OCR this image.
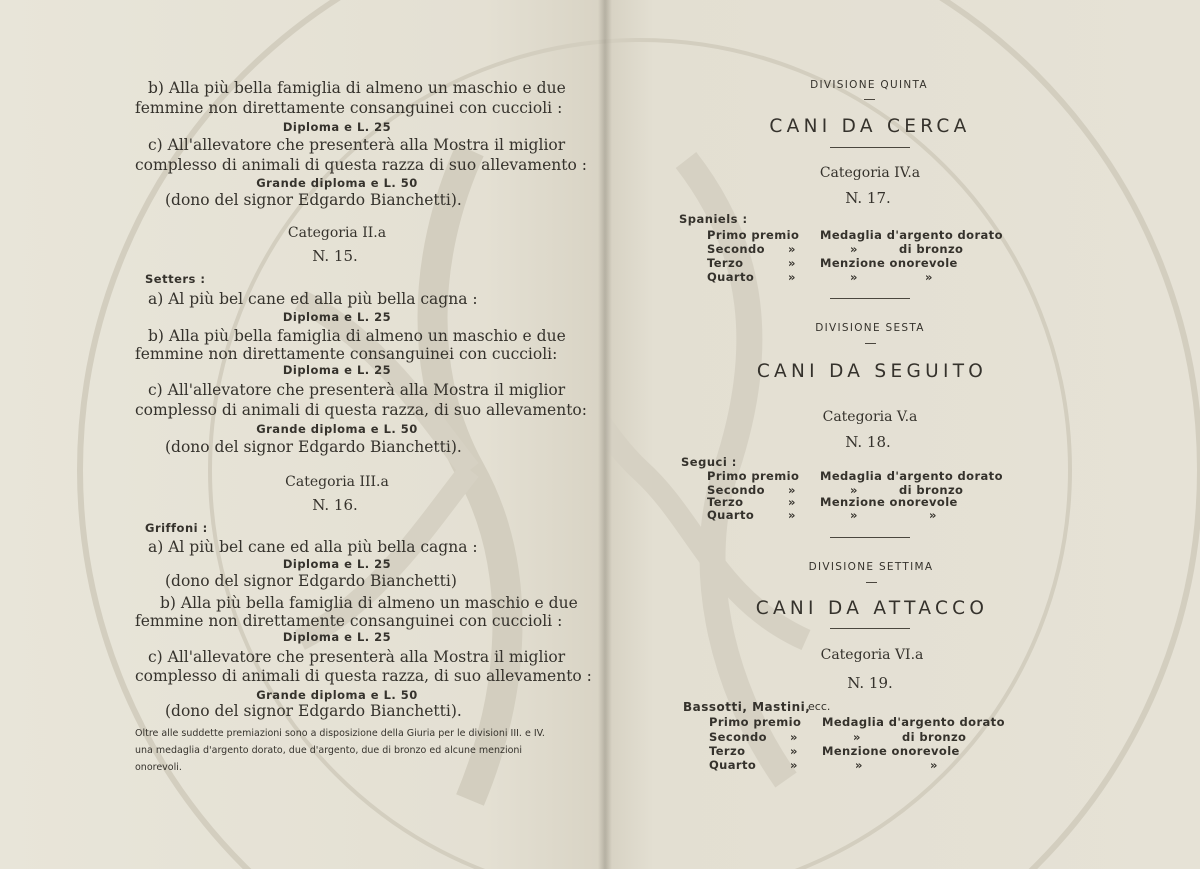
b) Alla più bella famiglia di almeno un maschio e due
femmine non direttamente consanguinei con cuccioli :
Diploma e L. 25
c) All'allevatore che presenterà alla Mostra il miglior
complesso di animali di questa razza di suo allevamento :
Grande diploma e L. 50
(dono del signor Edgardo Bianchetti).
Categoria II.a
N. 15.
Setters :
a) Al più bel cane ed alla più bella cagna :
Diploma e L. 25
b) Alla più bella famiglia di almeno un maschio e due
femmine non direttamente consanguinei con cuccioli:
Diploma e L. 25
c) All'allevatore che presenterà alla Mostra il miglior
complesso di animali di questa razza, di suo allevamento:
Grande diploma e L. 50
(dono del signor Edgardo Bianchetti).
Categoria III.a
N. 16.
Griffoni :
a) Al più bel cane ed alla più bella cagna :
Diploma e L. 25
(dono del signor Edgardo Bianchetti)
b) Alla più bella famiglia di almeno un maschio e due
femmine non direttamente consanguinei con cuccioli :
Diploma e L. 25
c) All'allevatore che presenterà alla Mostra il miglior
complesso di animali di questa razza, di suo allevamento :
Grande diploma e L. 50
(dono del signor Edgardo Bianchetti).
Oltre alle suddette premiazioni sono a disposizione della Giuria per le divisioni III. e IV. una medaglia d'argento dorato, due d'argento, due di bronzo ed alcune menzioni onorevoli.
DIVISIONE QUINTA
CANI DA CERCA
Categoria IV.a
N. 17.
Spaniels :
Primo premio Medaglia d'argento dorato
Secondo »	»	di bronzo
Terzo	» Menzione onorevole
Quarto	»	»	»
DIVISIONE SESTA
CANI DA SEGUITO
Categoria V.a
N. 18.
Seguci :
Primo premio Medaglia d'argento dorato
Secondo »	»	di bronzo
Terzo	» Menzione onorevole
Quarto	»	»	»
DIVISIONE SETTIMA
CANI DA ATTACCO
Categoria VI.a
N. 19.
Bassotti, Mastini,
ecc.
Primo premio Medaglia d'argento dorato
Secondo »	»	di bronzo
Terzo	» Menzione onorevole
Quarto	»	»	»
